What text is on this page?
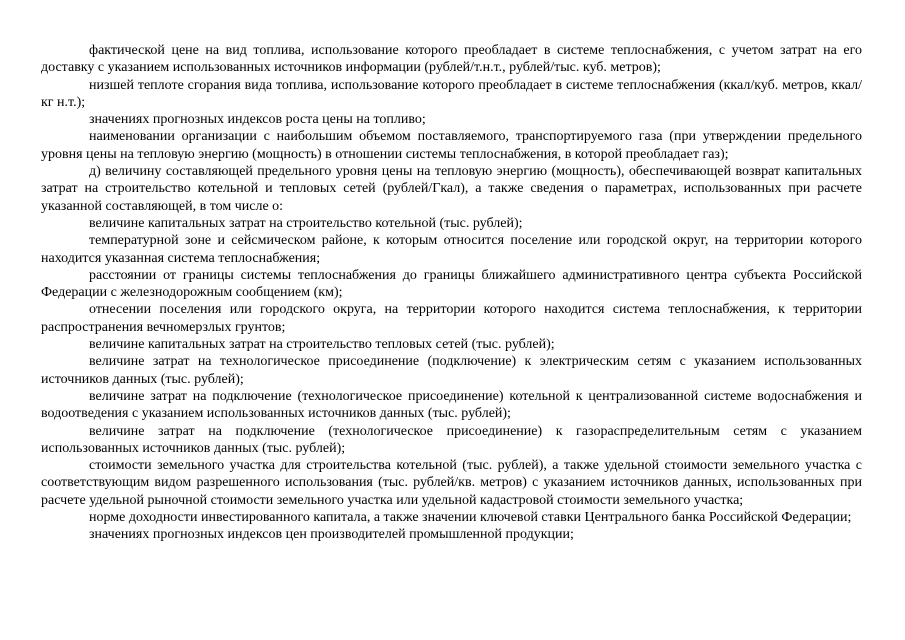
фактической цене на вид топлива, использование которого преобладает в системе теплоснабжения, с учетом затрат на его доставку с указанием использованных источников информации (рублей/т.н.т., рублей/тыс. куб. метров);

низшей теплоте сгорания вида топлива, использование которого преобладает в системе теплоснабжения (ккал/куб. метров, ккал/кг н.т.);

значениях прогнозных индексов роста цены на топливо;

наименовании организации с наибольшим объемом поставляемого, транспортируемого газа (при утверждении предельного уровня цены на тепловую энергию (мощность) в отношении системы теплоснабжения, в которой преобладает газ);

д) величину составляющей предельного уровня цены на тепловую энергию (мощность), обеспечивающей возврат капитальных затрат на строительство котельной и тепловых сетей (рублей/Гкал), а также сведения о параметрах, использованных при расчете указанной составляющей, в том числе о:

величине капитальных затрат на строительство котельной (тыс. рублей);

температурной зоне и сейсмическом районе, к которым относится поселение или городской округ, на территории которого находится указанная система теплоснабжения;

расстоянии от границы системы теплоснабжения до границы ближайшего административного центра субъекта Российской Федерации с железнодорожным сообщением (км);

отнесении поселения или городского округа, на территории которого находится система теплоснабжения, к территории распространения вечномерзлых грунтов;

величине капитальных затрат на строительство тепловых сетей (тыс. рублей);

величине затрат на технологическое присоединение (подключение) к электрическим сетям с указанием использованных источников данных (тыс. рублей);

величине затрат на подключение (технологическое присоединение) котельной к централизованной системе водоснабжения и водоотведения с указанием использованных источников данных (тыс. рублей);

величине затрат на подключение (технологическое присоединение) к газораспределительным сетям с указанием использованных источников данных (тыс. рублей);

стоимости земельного участка для строительства котельной (тыс. рублей), а также удельной стоимости земельного участка с соответствующим видом разрешенного использования (тыс. рублей/кв. метров) с указанием источников данных, использованных при расчете удельной рыночной стоимости земельного участка или удельной кадастровой стоимости земельного участка;

норме доходности инвестированного капитала, а также значении ключевой ставки Центрального банка Российской Федерации;

значениях прогнозных индексов цен производителей промышленной продукции;
